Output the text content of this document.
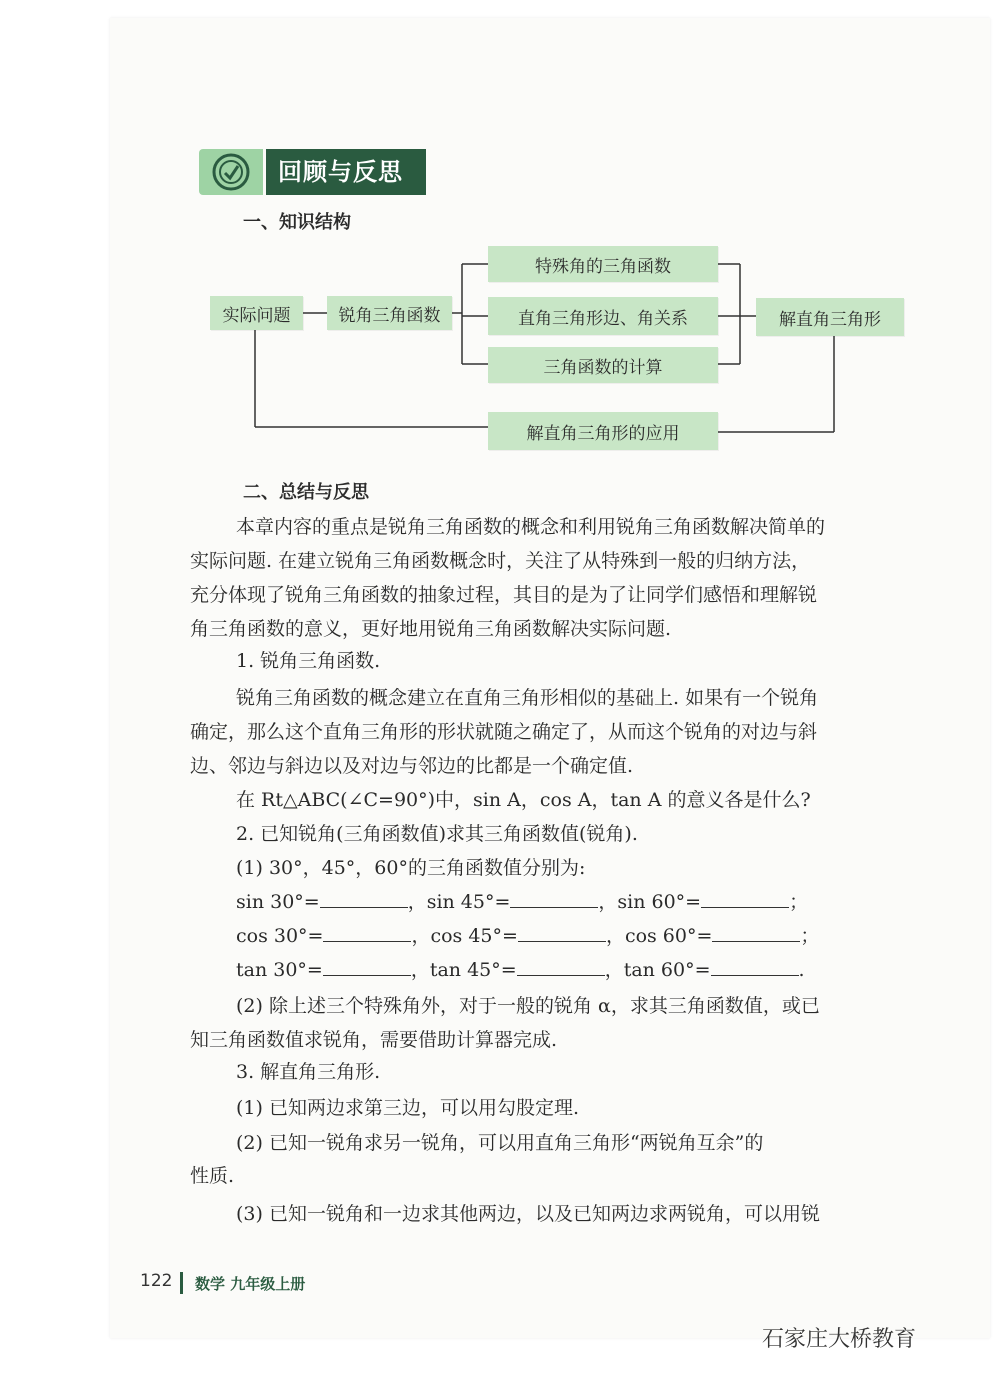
回顾与反思
一、知识结构
实际问题	锐角三角函数
特殊角的三角函数
直角三角形边、角关系
三角函数的计算
解直角三角形
解直角三角形的应用
二、总结与反思
本章内容的重点是锐角三角函数的概念和利用锐角三角函数解决简单的
实际问题. 在建立锐角三角函数概念时，关注了从特殊到一般的归纳方法，
充分体现了锐角三角函数的抽象过程，其目的是为了让同学们感悟和理解锐
角三角函数的意义，更好地用锐角三角函数解决实际问题.
1. 锐角三角函数.
锐角三角函数的概念建立在直角三角形相似的基础上. 如果有一个锐角
确定，那么这个直角三角形的形状就随之确定了，从而这个锐角的对边与斜
边、邻边与斜边以及对边与邻边的比都是一个确定值.
在 Rt△ABC(∠C=90°)中，sin A，cos A，tan A 的意义各是什么?
2. 已知锐角(三角函数值)求其三角函数值(锐角).
(1) 30°，45°，60°的三角函数值分别为:
sin 30°=	，sin 45°=	，sin 60°=	；
cos 30°=	，cos 45°=	，cos 60°=	；
tan 30°=	，tan 45°=	，tan 60°=	.
(2) 除上述三个特殊角外，对于一般的锐角 α，求其三角函数值，或已
知三角函数值求锐角，需要借助计算器完成.
3. 解直角三角形.
(1) 已知两边求第三边，可以用勾股定理.
(2) 已知一锐角求另一锐角，可以用直角三角形“两锐角互余”的
性质.
(3) 已知一锐角和一边求其他两边，以及已知两边求两锐角，可以用锐
122 数学 九年级上册
石家庄大桥教育
